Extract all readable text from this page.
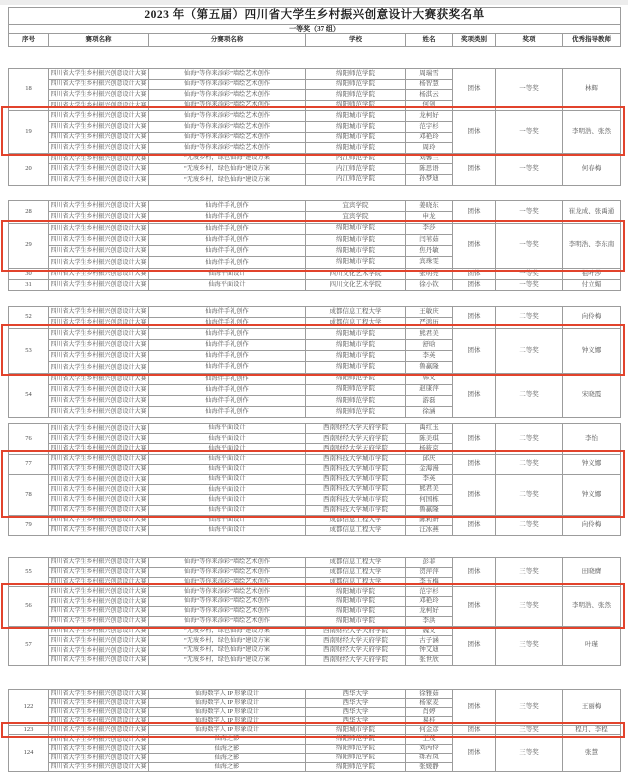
2023 年（第五届）四川省大学生乡村振兴创意设计大赛获奖名单
一等奖（37 组）
序号	赛项名称	分赛项名称	学校	姓名	奖项类别	奖项	优秀指导教师
18	四川省大学生乡村振兴创意设计大赛	仙海“等你来添彩”墙绘艺术创作	绵阳师范学院	周瑞雪	团体	一等奖	林辉
	四川省大学生乡村振兴创意设计大赛	仙海“等你来添彩”墙绘艺术创作	绵阳师范学院	杨智慧			
	四川省大学生乡村振兴创意设计大赛	仙海“等你来添彩”墙绘艺术创作	绵阳师范学院	杨淇云			
	四川省大学生乡村振兴创意设计大赛	仙海“等你来添彩”墙绘艺术创作	绵阳师范学院	何剑			
19	四川省大学生乡村振兴创意设计大赛	仙海“等你来添彩”墙绘艺术创作	绵阳城市学院	龙柯好	团体	一等奖	李明浩、张然
	四川省大学生乡村振兴创意设计大赛	仙海“等你来添彩”墙绘艺术创作	绵阳城市学院	范宇杉			
	四川省大学生乡村振兴创意设计大赛	仙海“等你来添彩”墙绘艺术创作	绵阳城市学院	邓艳玲			
	四川省大学生乡村振兴创意设计大赛	仙海“等你来添彩”墙绘艺术创作	绵阳城市学院	周玲			
20	四川省大学生乡村振兴创意设计大赛	“无废乡村，绿色仙海”建设方案	内江师范学院	刘馨兰	团体	一等奖	何春梅
	四川省大学生乡村振兴创意设计大赛	“无废乡村，绿色仙海”建设方案	内江师范学院	陈思语			
	四川省大学生乡村振兴创意设计大赛	“无废乡村，绿色仙海”建设方案	内江师范学院	孙梦迪			
28	四川省大学生乡村振兴创意设计大赛	仙海伴手礼创作	宜宾学院	姜晓东	团体	一等奖	崔龙成、张禹通
	四川省大学生乡村振兴创意设计大赛	仙海伴手礼创作	宜宾学院	申龙			
29	四川省大学生乡村振兴创意设计大赛	仙海伴手礼创作	绵阳城市学院	李莎	团体	一等奖	李明浩、李东南
	四川省大学生乡村振兴创意设计大赛	仙海伴手礼创作	绵阳城市学院	闫苇茹			
	四川省大学生乡村振兴创意设计大赛	仙海伴手礼创作	绵阳城市学院	焦丹敏			
	四川省大学生乡村振兴创意设计大赛	仙海伴手礼创作	绵阳城市学院	宾珠雯			
30	四川省大学生乡村振兴创意设计大赛	仙海平面设计	四川文化艺术学院	张明亮	团体	一等奖	祖叶莎
31	四川省大学生乡村振兴创意设计大赛	仙海平面设计	四川文化艺术学院	徐小钦	团体	一等奖	付立媚
52	四川省大学生乡村振兴创意设计大赛	仙海伴手礼创作	成都信息工程大学	王敏庆	团体	二等奖	向伶梅
	四川省大学生乡村振兴创意设计大赛	仙海伴手礼创作	成都信息工程大学	严鸿历			
53	四川省大学生乡村振兴创意设计大赛	仙海伴手礼创作	绵阳城市学院	熊君美	团体	二等奖	钟义娜
	四川省大学生乡村振兴创意设计大赛	仙海伴手礼创作	绵阳城市学院	舒晗			
	四川省大学生乡村振兴创意设计大赛	仙海伴手礼创作	绵阳城市学院	李英			
	四川省大学生乡村振兴创意设计大赛	仙海伴手礼创作	绵阳城市学院	鲁赢隆			
54	四川省大学生乡村振兴创意设计大赛	仙海伴手礼创作	绵阳师范学院	韩义	团体	二等奖	宋晓霞
	四川省大学生乡村振兴创意设计大赛	仙海伴手礼创作	绵阳师范学院	赵康萍			
	四川省大学生乡村振兴创意设计大赛	仙海伴手礼创作	绵阳师范学院	游磊			
	四川省大学生乡村振兴创意设计大赛	仙海伴手礼创作	绵阳师范学院	徐涵			
76	四川省大学生乡村振兴创意设计大赛	仙海平面设计	西南财经大学天府学院	禹红玉	团体	二等奖	李怡
	四川省大学生乡村振兴创意设计大赛	仙海平面设计	西南财经大学天府学院	陈美琪			
	四川省大学生乡村振兴创意设计大赛	仙海平面设计	西南财经大学天府学院	杨筱京			
77	四川省大学生乡村振兴创意设计大赛	仙海平面设计	西南科技大学城市学院	邱庆	团体	二等奖	钟义娜
	四川省大学生乡村振兴创意设计大赛	仙海平面设计	西南科技大学城市学院	金海漫			
78	四川省大学生乡村振兴创意设计大赛	仙海平面设计	西南科技大学城市学院	李英	团体	二等奖	钟义娜
	四川省大学生乡村振兴创意设计大赛	仙海平面设计	西南科技大学城市学院	熊君美			
	四川省大学生乡村振兴创意设计大赛	仙海平面设计	西南科技大学城市学院	何国栋			
	四川省大学生乡村振兴创意设计大赛	仙海平面设计	西南科技大学城市学院	鲁赢隆			
79	四川省大学生乡村振兴创意设计大赛	仙海平面设计	成都信息工程大学	陈莉妍	团体	二等奖	向伶梅
	四川省大学生乡村振兴创意设计大赛	仙海平面设计	成都信息工程大学	汪冰燕			
55	四川省大学生乡村振兴创意设计大赛	仙海“等你来添彩”墙绘艺术创作	成都信息工程大学	彭菲	团体	三等奖	田晓膺
	四川省大学生乡村振兴创意设计大赛	仙海“等你来添彩”墙绘艺术创作	成都信息工程大学	贺萍萍			
	四川省大学生乡村振兴创意设计大赛	仙海“等你来添彩”墙绘艺术创作	成都信息工程大学	李玉梅			
56	四川省大学生乡村振兴创意设计大赛	仙海“等你来添彩”墙绘艺术创作	绵阳城市学院	范宇杉	团体	三等奖	李明浩、张然
	四川省大学生乡村振兴创意设计大赛	仙海“等你来添彩”墙绘艺术创作	绵阳城市学院	邓艳玲			
	四川省大学生乡村振兴创意设计大赛	仙海“等你来添彩”墙绘艺术创作	绵阳城市学院	龙柯好			
	四川省大学生乡村振兴创意设计大赛	仙海“等你来添彩”墙绘艺术创作	绵阳城市学院	李洪			
57	四川省大学生乡村振兴创意设计大赛	“无废乡村，绿色仙海”建设方案	西南财经大学天府学院	魏文	团体	三等奖	叶瑾
	四川省大学生乡村振兴创意设计大赛	“无废乡村，绿色仙海”建设方案	西南财经大学天府学院	古子涵			
	四川省大学生乡村振兴创意设计大赛	“无废乡村，绿色仙海”建设方案	西南财经大学天府学院	钟艾迪			
	四川省大学生乡村振兴创意设计大赛	“无废乡村，绿色仙海”建设方案	西南财经大学天府学院	张世欣			
122	四川省大学生乡村振兴创意设计大赛	仙海数字人 IP 形象设计	西华大学	徐雅茹	团体	三等奖	王丽梅
	四川省大学生乡村振兴创意设计大赛	仙海数字人 IP 形象设计	西华大学	杨家麦			
	四川省大学生乡村振兴创意设计大赛	仙海数字人 IP 形象设计	西华大学	肖婷			
	四川省大学生乡村振兴创意设计大赛	仙海数字人 IP 形象设计	西华大学	易桂			
123	四川省大学生乡村振兴创意设计大赛	仙海数字人 IP 形象设计	绵阳城市学院	何金彦	团体	三等奖	程月、李程
124	四川省大学生乡村振兴创意设计大赛	仙海之影	绵阳师范学院	王茂	团体	三等奖	张慧
	四川省大学生乡村振兴创意设计大赛	仙海之影	绵阳师范学院	刘芮伶			
	四川省大学生乡村振兴创意设计大赛	仙海之影	绵阳师范学院	练若岚			
	四川省大学生乡村振兴创意设计大赛	仙海之影	绵阳师范学院	张媛静			
